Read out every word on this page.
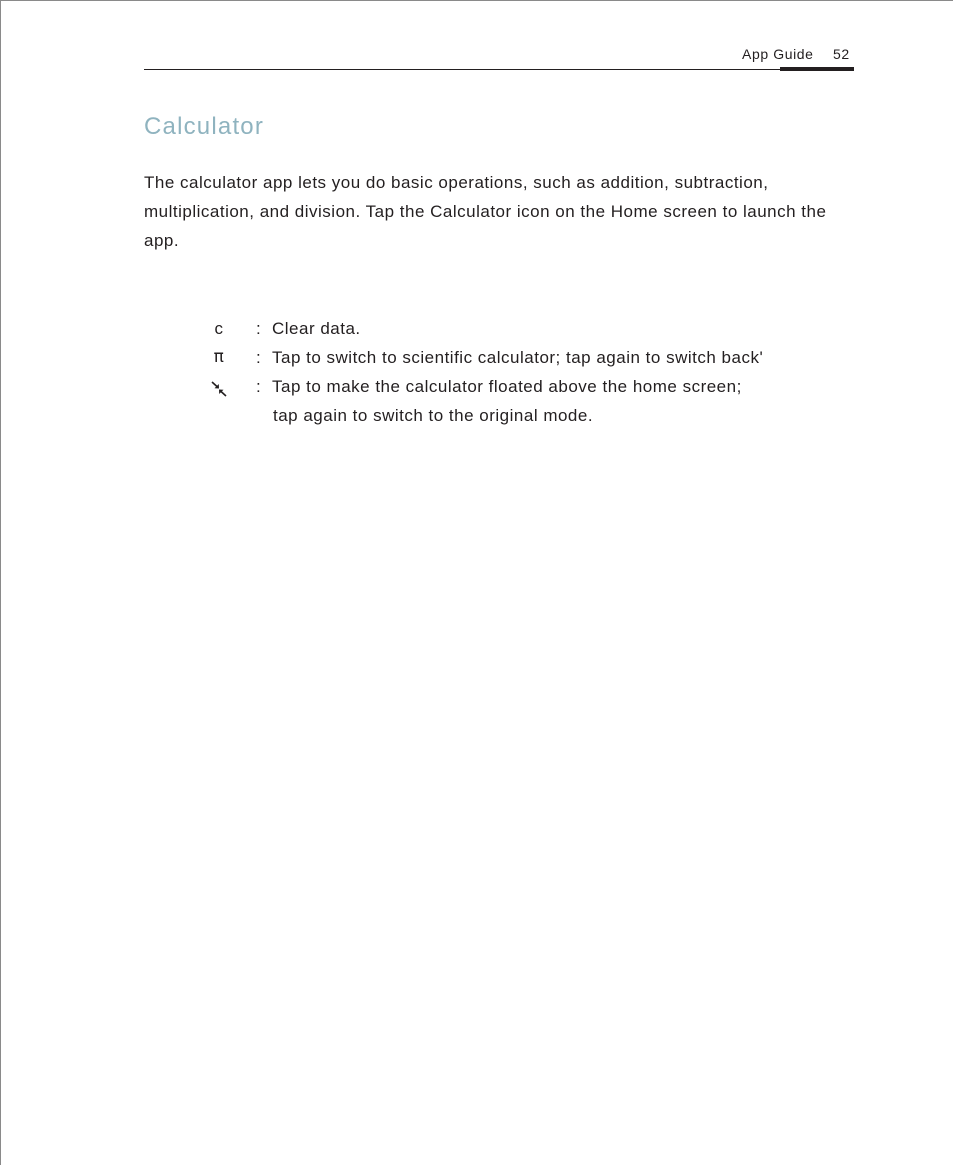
App Guide 52
Calculator

The calculator app lets you do basic operations, such as addition, subtraction, multiplication, and division. Tap the Calculator icon on the Home screen to launch the app.

c	: Clear data.
π	: Tap to switch to scientific calculator; tap again to switch back'
: Tap to make the calculator floated above the home screen;
tap again to switch to the original mode.
